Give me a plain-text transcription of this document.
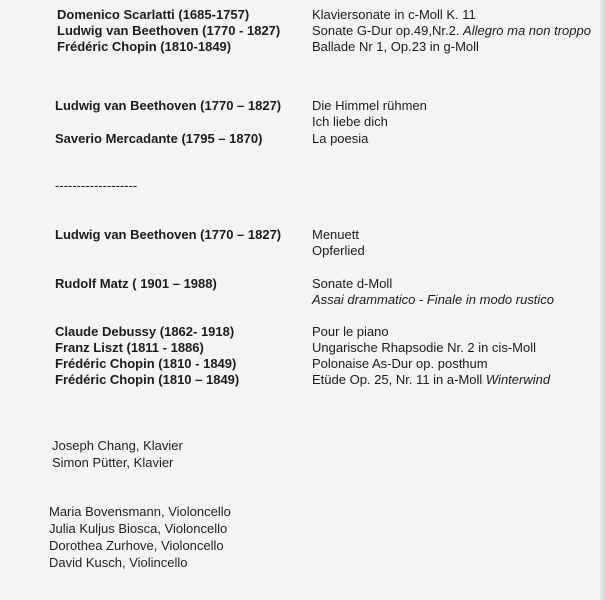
Domenico Scarlatti (1685-1757)	Klaviersonate in c-Moll K. 11
Ludwig van Beethoven (1770 - 1827) Sonate G-Dur op.49,Nr.2. Allegro ma non troppo
Frédéric Chopin (1810-1849)	Ballade Nr 1, Op.23 in g-Moll
Ludwig van Beethoven (1770 – 1827) Die Himmel rühmen
Ich liebe dich
Saverio Mercadante (1795 – 1870)	La poesia
-------------------
Ludwig van Beethoven (1770 – 1827) Menuett
Opferlied
Rudolf Matz ( 1901 – 1988)	Sonate d-Moll
Assai drammatico - Finale in modo rustico
Claude Debussy (1862- 1918)	Pour le piano
Franz Liszt (1811 - 1886)	Ungarische Rhapsodie Nr. 2 in cis-Moll
Frédéric Chopin (1810 - 1849)	Polonaise As-Dur op. posthum
Frédéric Chopin (1810 – 1849)	Etüde Op. 25, Nr. 11 in a-Moll Winterwind
Joseph Chang, Klavier
Simon Pütter, Klavier
Maria Bovensmann, Violoncello
Julia Kuljus Biosca, Violoncello
Dorothea Zurhove, Violoncello
David Kusch, Violincello
